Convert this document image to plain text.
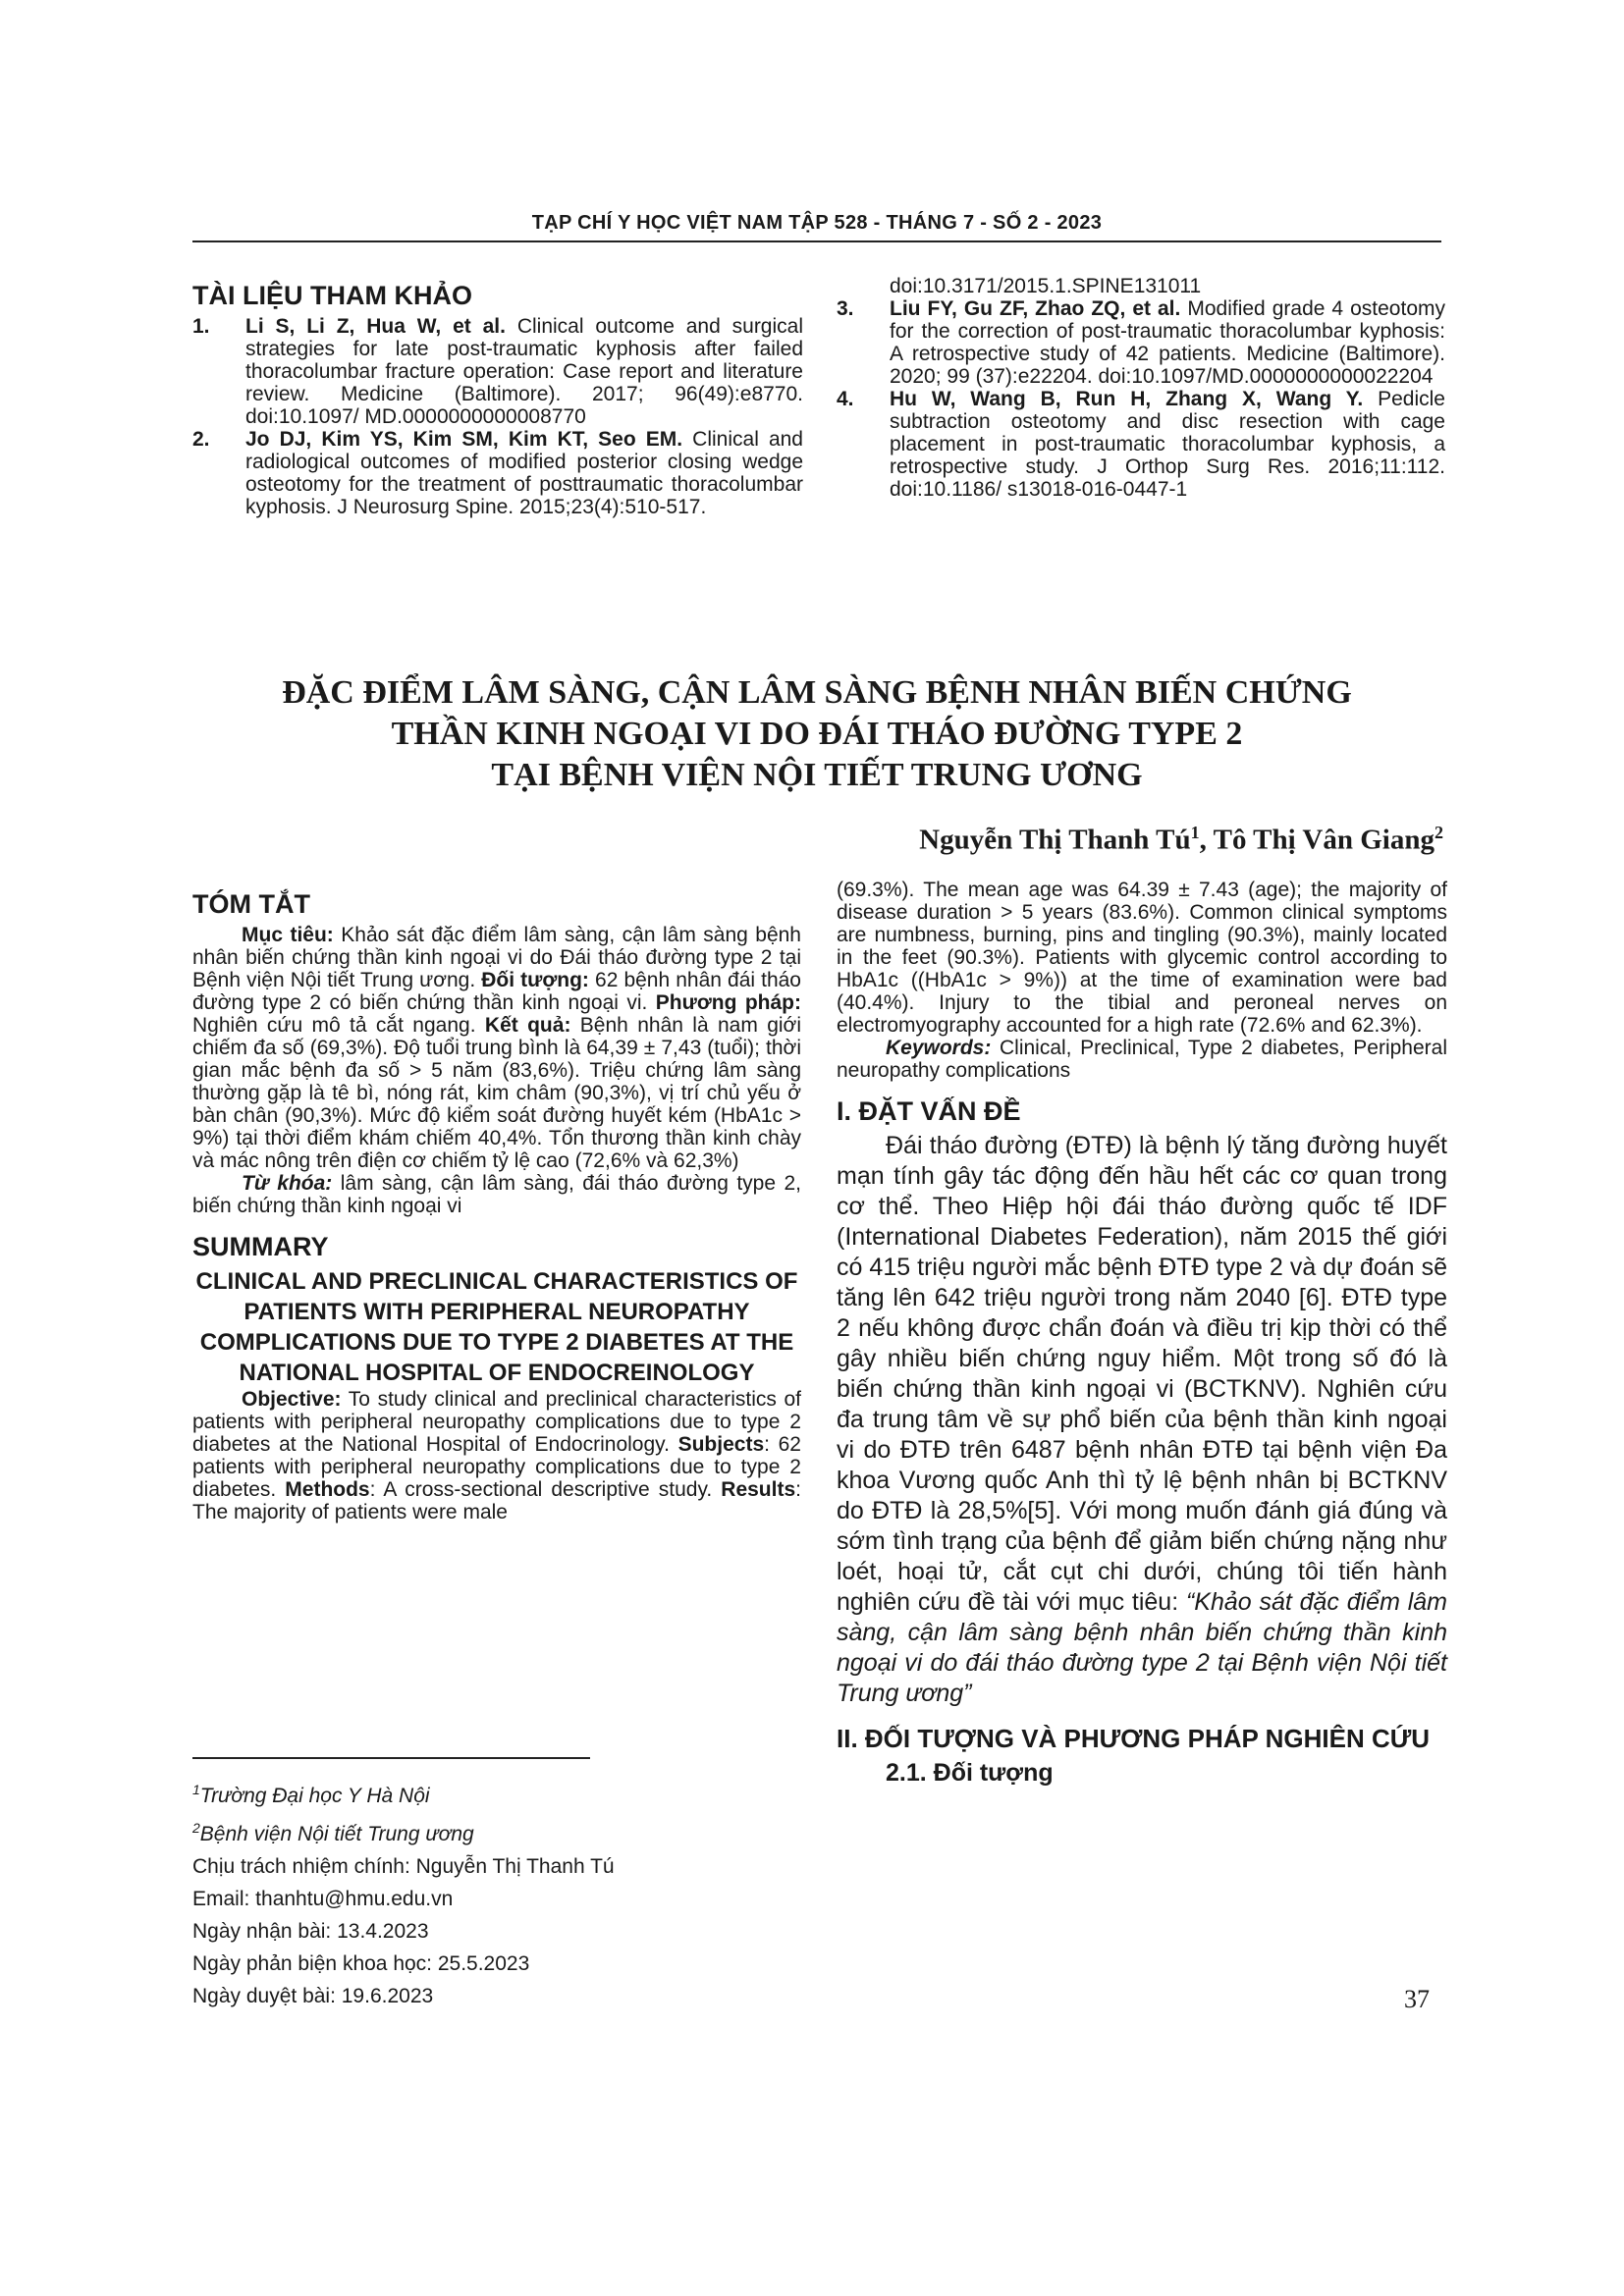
TẠP CHÍ Y HỌC VIỆT NAM TẬP 528 - THÁNG 7 - SỐ 2 - 2023
TÀI LIỆU THAM KHẢO
1.	Li S, Li Z, Hua W, et al. Clinical outcome and surgical strategies for late post-traumatic kyphosis after failed thoracolumbar fracture operation: Case report and literature review. Medicine (Baltimore). 2017; 96(49):e8770. doi:10.1097/ MD.0000000000008770
2.	Jo DJ, Kim YS, Kim SM, Kim KT, Seo EM. Clinical and radiological outcomes of modified posterior closing wedge osteotomy for the treatment of posttraumatic thoracolumbar kyphosis. J Neurosurg Spine. 2015;23(4):510-517.
doi:10.3171/2015.1.SPINE131011
3.	Liu FY, Gu ZF, Zhao ZQ, et al. Modified grade 4 osteotomy for the correction of post-traumatic thoracolumbar kyphosis: A retrospective study of 42 patients. Medicine (Baltimore). 2020; 99 (37):e22204. doi:10.1097/MD.0000000000022204
4.	Hu W, Wang B, Run H, Zhang X, Wang Y. Pedicle subtraction osteotomy and disc resection with cage placement in post-traumatic thoracolumbar kyphosis, a retrospective study. J Orthop Surg Res. 2016;11:112. doi:10.1186/ s13018-016-0447-1
ĐẶC ĐIỂM LÂM SÀNG, CẬN LÂM SÀNG BỆNH NHÂN BIẾN CHỨNG
THẦN KINH NGOẠI VI DO ĐÁI THÁO ĐƯỜNG TYPE 2
TẠI BỆNH VIỆN NỘI TIẾT TRUNG ƯƠNG
Nguyễn Thị Thanh $Tú^1$, Tô Thị Vân Giang$^2$
TÓM TẮT

Mục tiêu: Khảo sát đặc điểm lâm sàng, cận lâm sàng bệnh nhân biến chứng thần kinh ngoại vi do Đái tháo đường type 2 tại Bệnh viện Nội tiết Trung ương. Đối tượng: 62 bệnh nhân đái tháo đường type 2 có biến chứng thần kinh ngoại vi. Phương pháp: Nghiên cứu mô tả cắt ngang. Kết quả: Bệnh nhân là nam giới chiếm đa số (69,3%). Độ tuổi trung bình là 64,39 ± 7,43 (tuổi); thời gian mắc bệnh đa số > 5 năm (83,6%). Triệu chứng lâm sàng thường gặp là tê bì, nóng rát, kim châm (90,3%), vị trí chủ yếu ở bàn chân (90,3%). Mức độ kiểm soát đường huyết kém (HbA1c > 9%) tại thời điểm khám chiếm 40,4%. Tổn thương thần kinh chày và mác nông trên điện cơ chiếm tỷ lệ cao (72,6% và 62,3%)

Từ khóa: lâm sàng, cận lâm sàng, đái tháo đường type 2, biến chứng thần kinh ngoại vi

SUMMARY
CLINICAL AND PRECLINICAL CHARACTERISTICS OF PATIENTS WITH PERIPHERAL NEUROPATHY COMPLICATIONS DUE TO TYPE 2 DIABETES AT THE NATIONAL HOSPITAL OF ENDOCREINOLOGY

Objective: To study clinical and preclinical characteristics of patients with peripheral neuropathy complications due to type 2 diabetes at the National Hospital of Endocrinology. Subjects: 62 patients with peripheral neuropathy complications due to type 2 diabetes. Methods: A cross-sectional descriptive study. Results: The majority of patients were male

(69.3%). The mean age was 64.39 ± 7.43 (age); the majority of disease duration > 5 years (83.6%). Common clinical symptoms are numbness, burning, pins and tingling (90.3%), mainly located in the feet (90.3%). Patients with glycemic control according to HbA1c ((HbA1c > 9%)) at the time of examination were bad (40.4%). Injury to the tibial and peroneal nerves on electromyography accounted for a high rate (72.6% and 62.3%).

Keywords: Clinical, Preclinical, Type 2 diabetes, Peripheral neuropathy complications

I. ĐẶT VẤN ĐỀ

Đái tháo đường (ĐTĐ) là bệnh lý tăng đường huyết mạn tính gây tác động đến hầu hết các cơ quan trong cơ thể. Theo Hiệp hội đái tháo đường quốc tế IDF (International Diabetes Federation), năm 2015 thế giới có 415 triệu người mắc bệnh ĐTĐ type 2 và dự đoán sẽ tăng lên 642 triệu người trong năm 2040 [6]. ĐTĐ type 2 nếu không được chẩn đoán và điều trị kịp thời có thể gây nhiều biến chứng nguy hiểm. Một trong số đó là biến chứng thần kinh ngoại vi (BCTKNV). Nghiên cứu đa trung tâm về sự phổ biến của bệnh thần kinh ngoại vi do ĐTĐ trên 6487 bệnh nhân ĐTĐ tại bệnh viện Đa khoa Vương quốc Anh thì tỷ lệ bệnh nhân bị BCTKNV do ĐTĐ là 28,5%[5]. Với mong muốn đánh giá đúng và sớm tình trạng của bệnh để giảm biến chứng nặng như loét, hoại tử, cắt cụt chi dưới, chúng tôi tiến hành nghiên cứu đề tài với mục tiêu: “Khảo sát đặc điểm lâm sàng, cận lâm sàng bệnh nhân biến chứng thần kinh ngoại vi do đái tháo đường type 2 tại Bệnh viện Nội tiết Trung ương”

II. ĐỐI TƯỢNG VÀ PHƯƠNG PHÁP NGHIÊN CỨU
2.1. Đối tượng

$^1$Trường Đại học Y Hà Nội

$^2$Bệnh viện Nội tiết Trung ương

Chịu trách nhiệm chính: Nguyễn Thị Thanh Tú

Email: thanhtu@hmu.edu.vn

Ngày nhận bài: 13.4.2023

Ngày phản biện khoa học: 25.5.2023

Ngày duyệt bài: 19.6.2023	37
